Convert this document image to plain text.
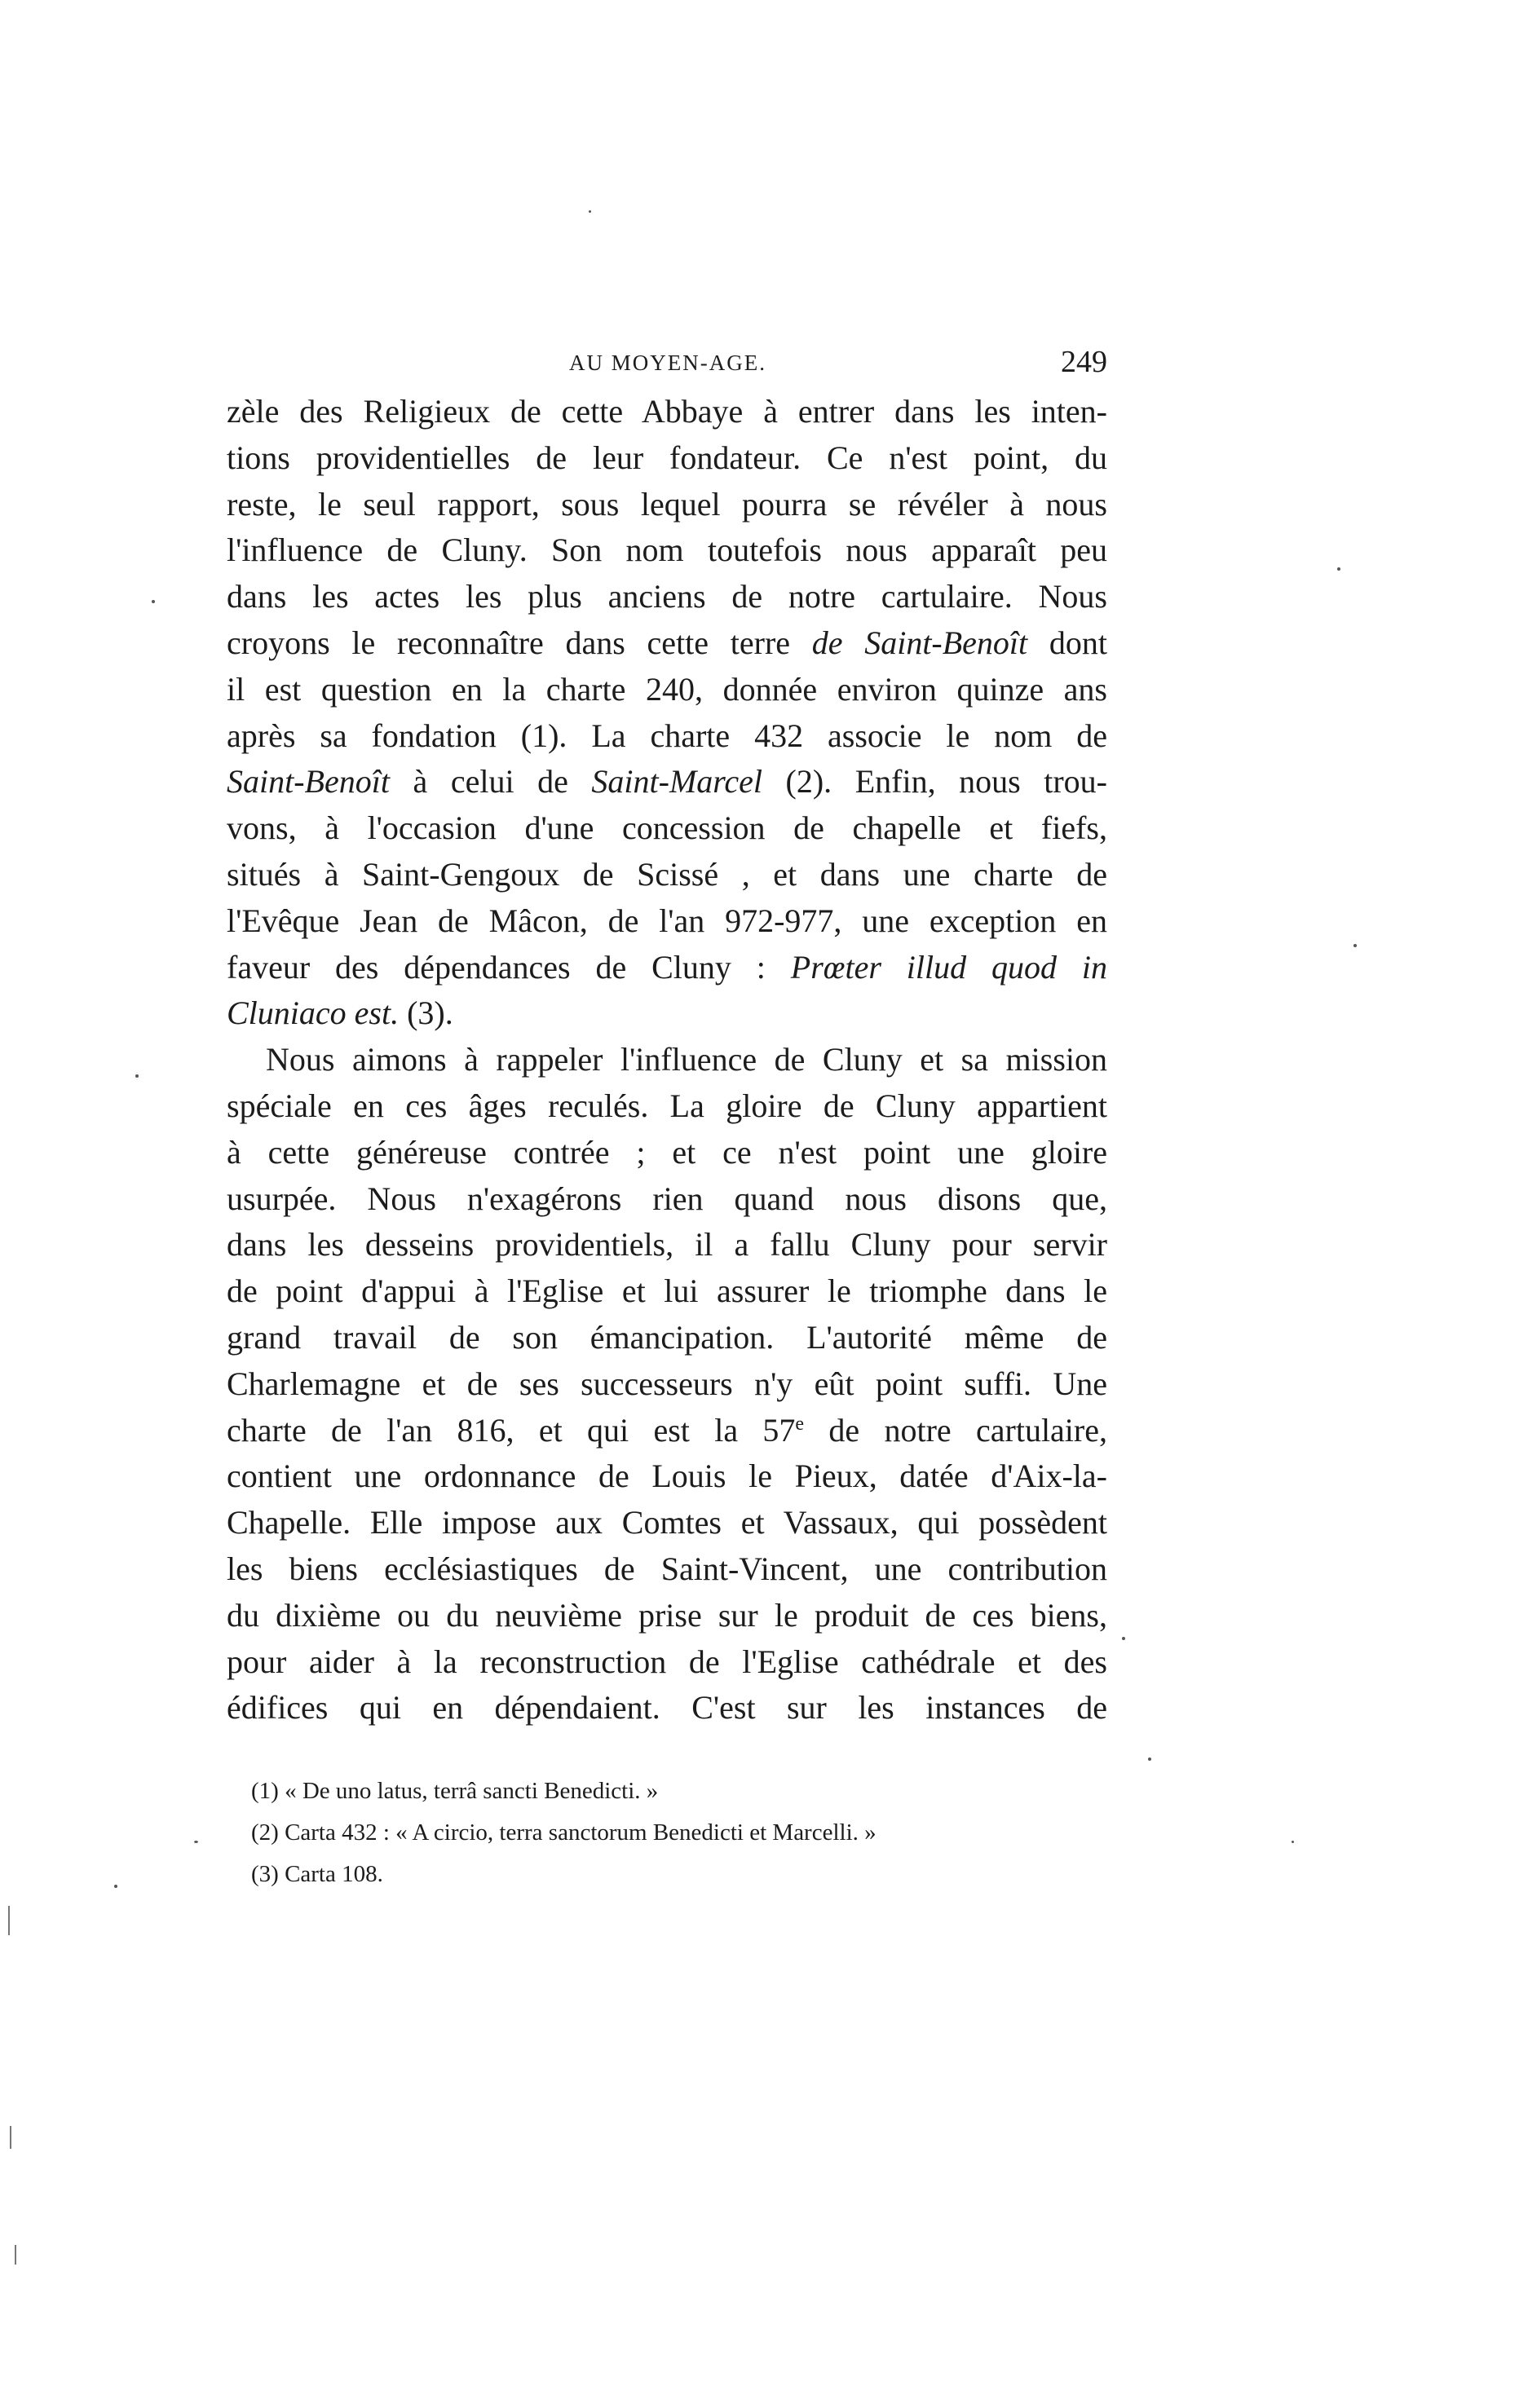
AU MOYEN-AGE.	249
zèle des Religieux de cette Abbaye à entrer dans les inten-
tions providentielles de leur fondateur. Ce n'est point, du
reste, le seul rapport, sous lequel pourra se révéler à nous
l'influence de Cluny. Son nom toutefois nous apparaît peu
dans les actes les plus anciens de notre cartulaire. Nous
croyons le reconnaître dans cette terre de Saint-Benoît dont
il est question en la charte 240, donnée environ quinze ans
après sa fondation (1). La charte 432 associe le nom de
Saint-Benoît à celui de Saint-Marcel (2). Enfin, nous trou-
vons, à l'occasion d'une concession de chapelle et fiefs,
situés à Saint-Gengoux de Scissé , et dans une charte de
l'Evêque Jean de Mâcon, de l'an 972-977, une exception en
faveur des dépendances de Cluny : Prœter illud quod in
Cluniaco est. (3).
Nous aimons à rappeler l'influence de Cluny et sa mission
spéciale en ces âges reculés. La gloire de Cluny appartient
à cette généreuse contrée ; et ce n'est point une gloire
usurpée. Nous n'exagérons rien quand nous disons que,
dans les desseins providentiels, il a fallu Cluny pour servir
de point d'appui à l'Eglise et lui assurer le triomphe dans le
grand travail de son émancipation. L'autorité même de
Charlemagne et de ses successeurs n'y eût point suffi. Une
charte de l'an 816, et qui est la 57e de notre cartulaire,
contient une ordonnance de Louis le Pieux, datée d'Aix-la-
Chapelle. Elle impose aux Comtes et Vassaux, qui possèdent
les biens ecclésiastiques de Saint-Vincent, une contribution
du dixième ou du neuvième prise sur le produit de ces biens,
pour aider à la reconstruction de l'Eglise cathédrale et des
édifices qui en dépendaient. C'est sur les instances de
(1) « De uno latus, terrâ sancti Benedicti. »
(2) Carta 432 : « A circio, terra sanctorum Benedicti et Marcelli. »
(3) Carta 108.
